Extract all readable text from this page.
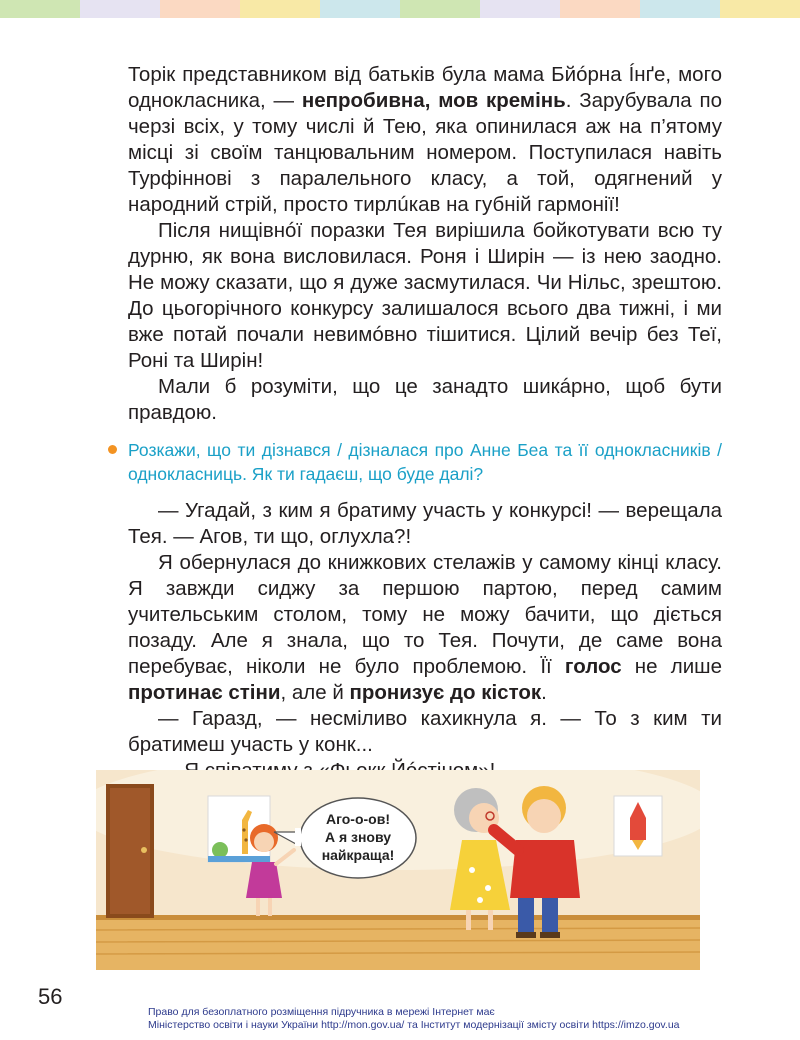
Торік представником від батьків була мама Бйóрна Íнґе, мого однокласника, — непробивна, мов кремінь. Зарубувала по черзі всіх, у тому числі й Тею, яка опинилася аж на п’ятому місці зі своїм танцювальним номером. Поступилася навіть Турфіннові з паралельного класу, а той, одягнений у народний стрій, просто тирлúкав на губній гармонії!

Після нищівнóї поразки Тея вирішила бойкотувати всю ту дурню, як вона висловилася. Роня і Ширін — із нею заодно. Не можу сказати, що я дуже засмутилася. Чи Нільс, зрештою. До цьогорічного конкурсу залишалося всього два тижні, і ми вже потай почали невимóвно тішитися. Цілий вечір без Теї, Роні та Ширін!

Мали б розуміти, що це занадто шикáрно, щоб бути правдою.

Розкажи, що ти дізнався / дізналася про Анне Беа та її однокласників / однокласниць. Як ти гадаєш, що буде далі?

— Угадай, з ким я братиму участь у конкурсі! — верещала Тея. — Агов, ти що, оглухла?!

Я обернулася до книжкових стелажів у самому кінці класу. Я завжди сиджу за першою партою, перед самим учительським столом, тому не можу бачити, що діється позаду. Але я знала, що то Тея. Почути, де саме вона перебуває, ніколи не було проблемою. Її голос не лише протинає стіни, але й пронизує до кісток.

— Гаразд, — несміливо кахикнула я. — То з ким ти братимеш участь у конк...

Аго-о-ов!
А я знову
найкраща!
56
Право для безоплатного розміщення підручника в мережі Інтернет має
Міністерство освіти і науки України http://mon.gov.ua/ та Інститут модернізації змісту освіти https://imzo.gov.ua
